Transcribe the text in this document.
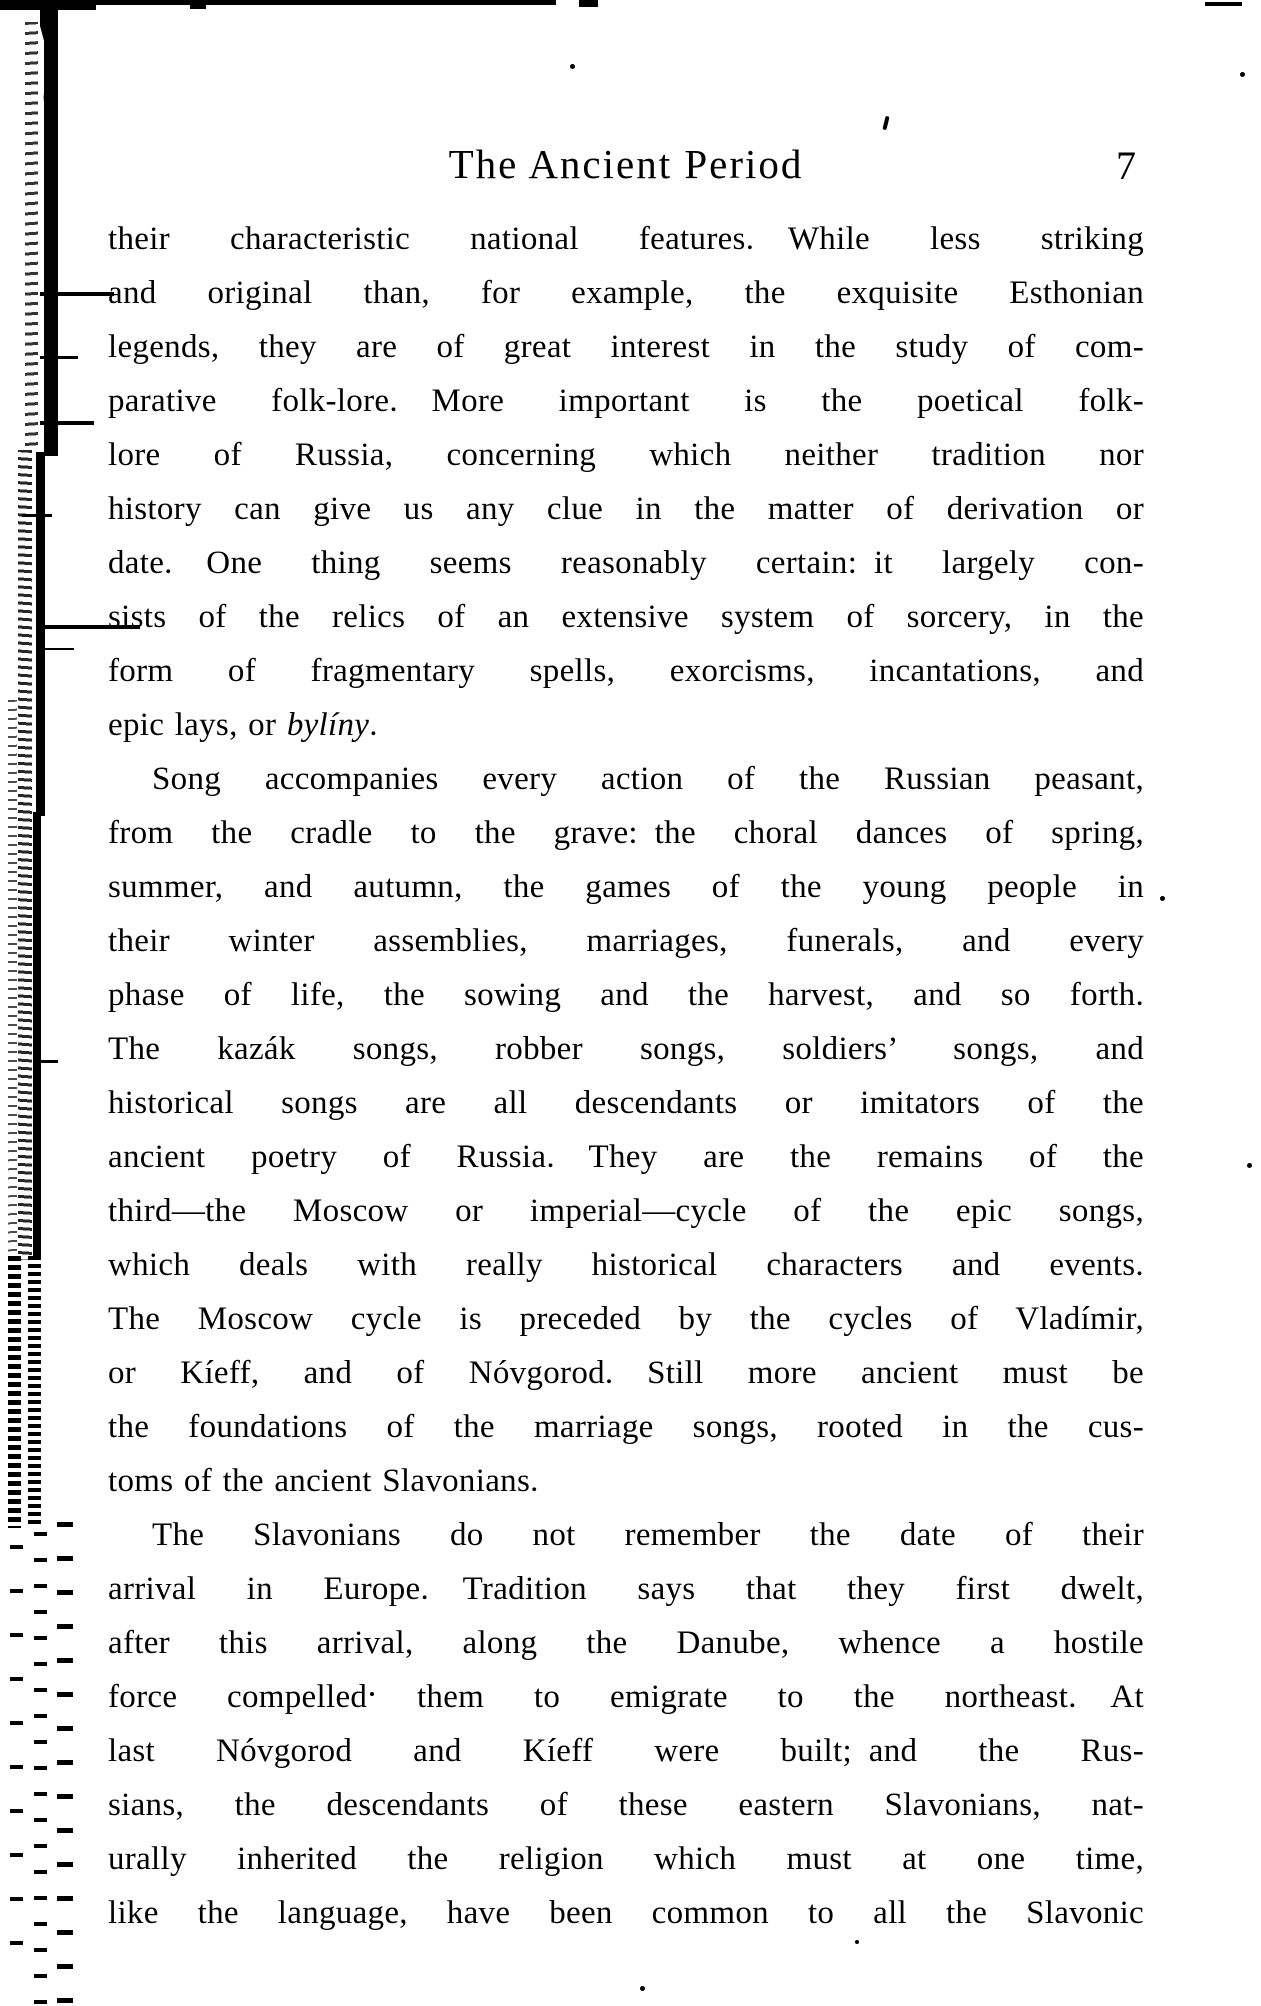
The Ancient Period	7
their characteristic national features.  While less striking
and original than, for example, the exquisite Esthonian
legends, they are of great interest in the study of com-
parative folk-lore.  More important is the poetical folk-
lore of Russia, concerning which neither tradition nor
history can give us any clue in the matter of derivation or
date.  One thing seems reasonably certain: it largely con-
sists of the relics of an extensive system of sorcery, in the
form of fragmentary spells, exorcisms, incantations, and
epic lays, or bylíny.
Song accompanies every action of the Russian peasant,
from the cradle to the grave: the choral dances of spring,
summer, and autumn, the games of the young people in
their winter assemblies, marriages, funerals, and every
phase of life, the sowing and the harvest, and so forth.
The kazák songs, robber songs, soldiers’ songs, and
historical songs are all descendants or imitators of the
ancient poetry of Russia.  They are the remains of the
third—the Moscow or imperial—cycle of the epic songs,
which deals with really historical characters and events.
The Moscow cycle is preceded by the cycles of Vladímir,
or Kíeff, and of Nóvgorod.  Still more ancient must be
the foundations of the marriage songs, rooted in the cus-
toms of the ancient Slavonians.
The Slavonians do not remember the date of their
arrival in Europe.  Tradition says that they first dwelt,
after this arrival, along the Danube, whence a hostile
force compelled them to emigrate to the northeast.  At
last Nóvgorod and Kíeff were built; and the Rus-
sians, the descendants of these eastern Slavonians, nat-
urally inherited the religion which must at one time,
like the language, have been common to all the Slavonic
